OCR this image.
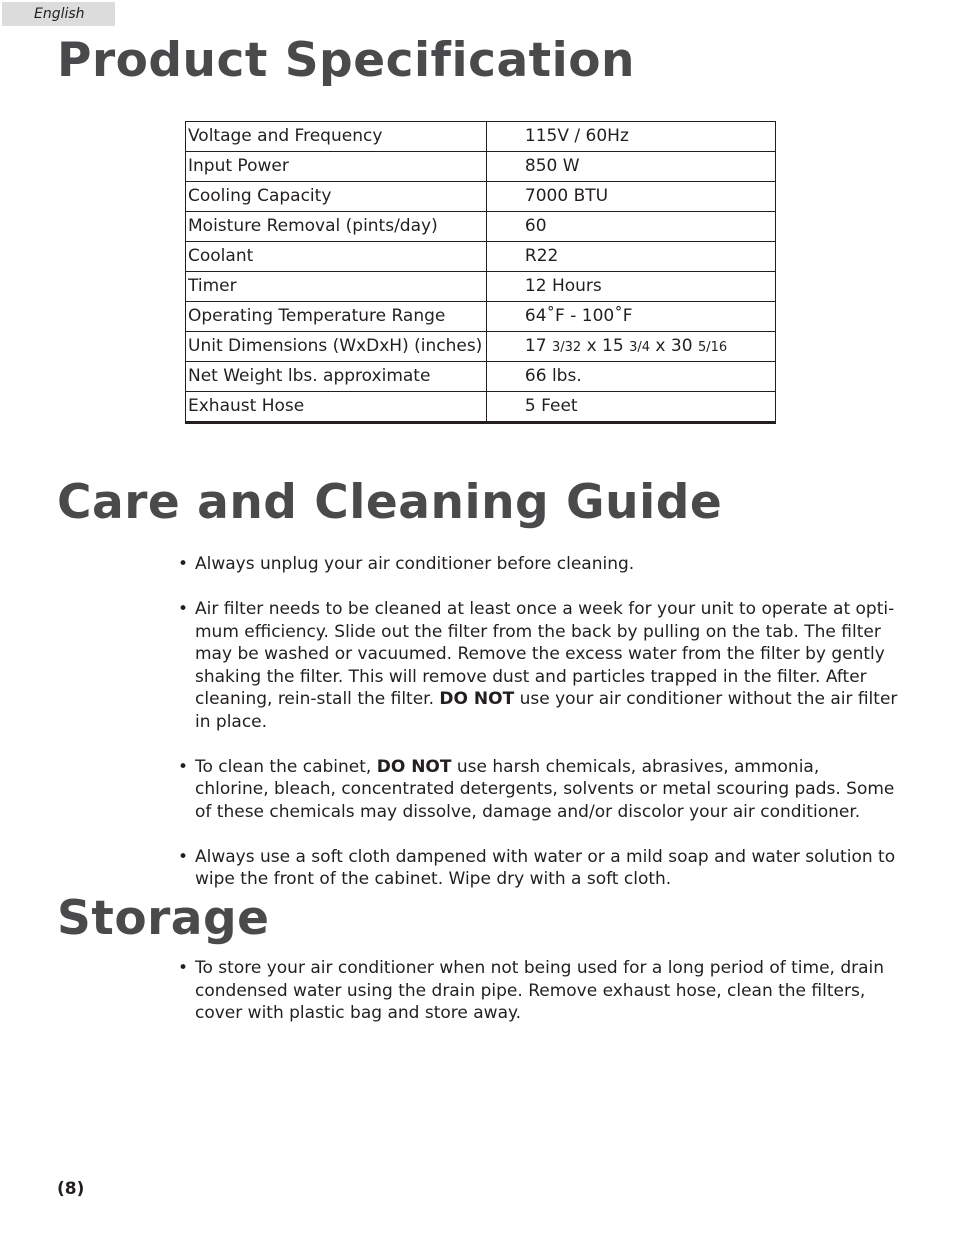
English
Product Specification
Voltage and Frequency	115V / 60Hz
Input Power	850 W
Cooling Capacity	7000 BTU
Moisture Removal (pints/day)	60
Coolant	R22
Timer	12 Hours
Operating Temperature Range	64˚F - 100˚F
Unit Dimensions (WxDxH) (inches)	17 3/32 x 15 3/4 x 30 5/16
Net Weight lbs. approximate	66 lbs.
Exhaust Hose	5 Feet
Care and Cleaning Guide
• Always unplug your air conditioner before cleaning.
• Air filter needs to be cleaned at least once a week for your unit to operate at opti-mum efficiency. Slide out the filter from the back by pulling on the tab. The filter may be washed or vacuumed. Remove the excess water from the filter by gently shaking the filter. This will remove dust and particles trapped in the filter. After cleaning, rein-stall the filter. DO NOT use your air conditioner without the air filter in place.
• To clean the cabinet, DO NOT use harsh chemicals, abrasives, ammonia, chlorine, bleach, concentrated detergents, solvents or metal scouring pads. Some of these chemicals may dissolve, damage and/or discolor your air conditioner.
• Always use a soft cloth dampened with water or a mild soap and water solution to wipe the front of the cabinet. Wipe dry with a soft cloth.
Storage
• To store your air conditioner when not being used for a long period of time, drain condensed water using the drain pipe. Remove exhaust hose, clean the filters, cover with plastic bag and store away.
(8)
